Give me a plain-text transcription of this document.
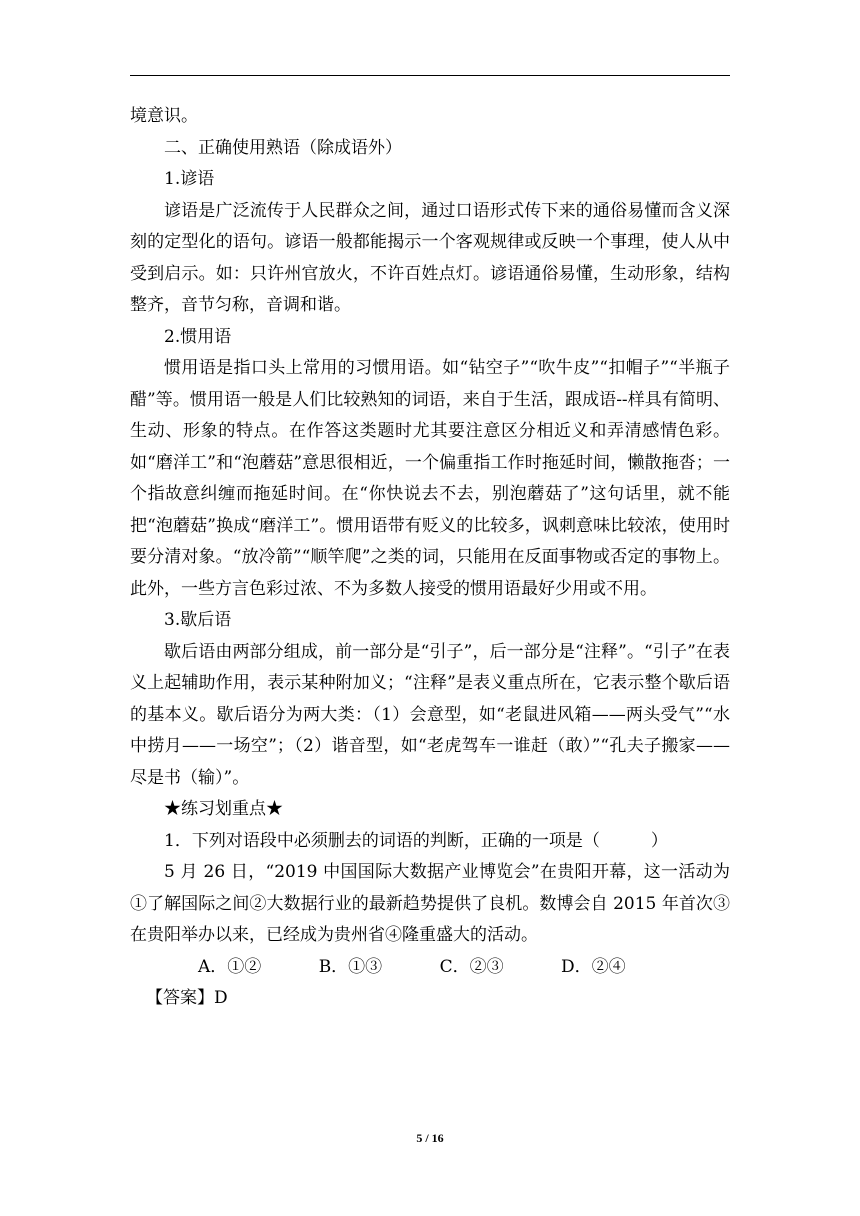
境意识。

二、正确使用熟语（除成语外）

1.谚语

谚语是广泛流传于人民群众之间，通过口语形式传下来的通俗易懂而含义深刻的定型化的语句。谚语一般都能揭示一个客观规律或反映一个事理，使人从中受到启示。如：只许州官放火，不许百姓点灯。谚语通俗易懂，生动形象，结构整齐，音节匀称，音调和谐。

2.惯用语

惯用语是指口头上常用的习惯用语。如“钻空子”“吹牛皮”“扣帽子”“半瓶子醋”等。惯用语一般是人们比较熟知的词语，来自于生活，跟成语--样具有简明、生动、形象的特点。在作答这类题时尤其要注意区分相近义和弄清感情色彩。如“磨洋工”和“泡蘑菇”意思很相近，一个偏重指工作时拖延时间，懒散拖沓；一个指故意纠缠而拖延时间。在“你快说去不去，别泡蘑菇了”这句话里，就不能把“泡蘑菇”换成“磨洋工”。惯用语带有贬义的比较多，讽刺意味比较浓，使用时要分清对象。“放冷箭”“顺竿爬”之类的词，只能用在反面事物或否定的事物上。此外，一些方言色彩过浓、不为多数人接受的惯用语最好少用或不用。

3.歇后语

歇后语由两部分组成，前一部分是“引子”，后一部分是“注释”。“引子”在表义上起辅助作用，表示某种附加义；“注释”是表义重点所在，它表示整个歇后语的基本义。歇后语分为两大类：（1）会意型，如“老鼠进风箱——两头受气”“水中捞月——一场空”；（2）谐音型，如“老虎驾车一谁赶（敢）”“孔夫子搬家——尽是书（输）”。

★练习划重点★

1．下列对语段中必须删去的词语的判断，正确的一项是（　　　）

5 月 26 日，“2019 中国国际大数据产业博览会”在贵阳开幕，这一活动为①了解国际之间②大数据行业的最新趋势提供了良机。数博会自 2015 年首次③在贵阳举办以来，已经成为贵州省④隆重盛大的活动。

A．①②	B．①③	C．②③	D．②④

【答案】D

5 / 16
